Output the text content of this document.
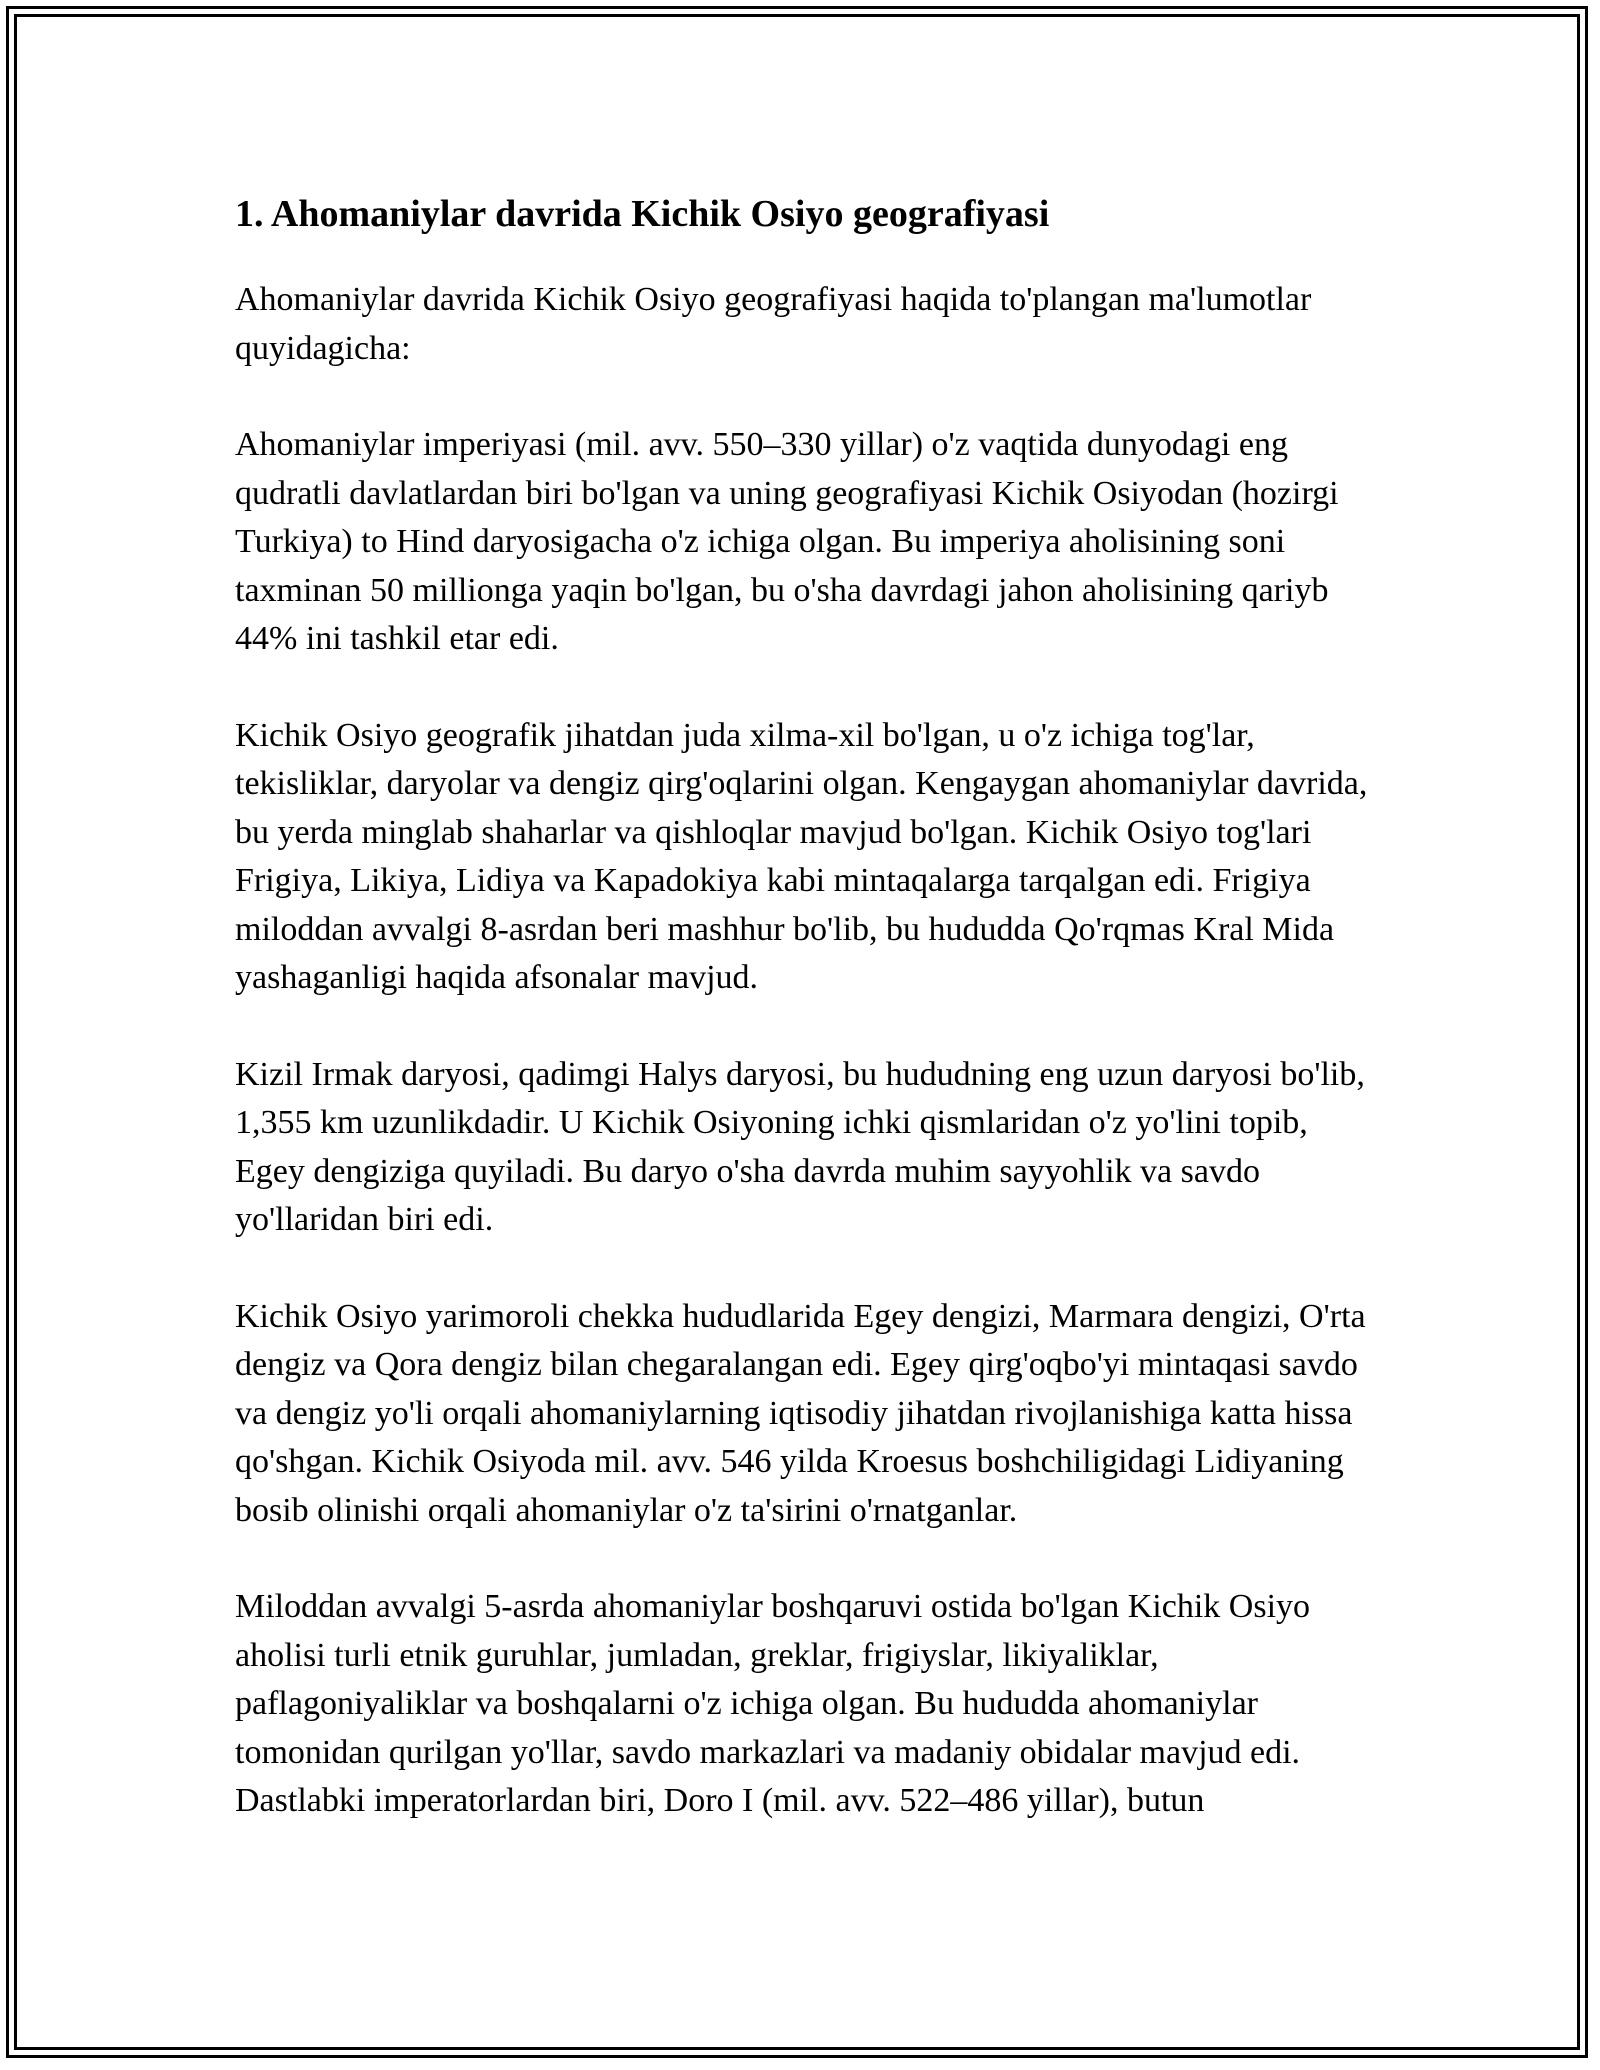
1. Ahomaniylar davrida Kichik Osiyo geografiyasi

Ahomaniylar davrida Kichik Osiyo geografiyasi haqida to'plangan ma'lumotlar quyidagicha:

Ahomaniylar imperiyasi (mil. avv. 550–330 yillar) o'z vaqtida dunyodagi eng qudratli davlatlardan biri bo'lgan va uning geografiyasi Kichik Osiyodan (hozirgi Turkiya) to Hind daryosigacha o'z ichiga olgan. Bu imperiya aholisining soni taxminan 50 millionga yaqin bo'lgan, bu o'sha davrdagi jahon aholisining qariyb 44% ini tashkil etar edi.

Kichik Osiyo geografik jihatdan juda xilma-xil bo'lgan, u o'z ichiga tog'lar, tekisliklar, daryolar va dengiz qirg'oqlarini olgan. Kengaygan ahomaniylar davrida, bu yerda minglab shaharlar va qishloqlar mavjud bo'lgan. Kichik Osiyo tog'lari Frigiya, Likiya, Lidiya va Kapadokiya kabi mintaqalarga tarqalgan edi. Frigiya miloddan avvalgi 8-asrdan beri mashhur bo'lib, bu hududda Qo'rqmas Kral Mida yashaganligi haqida afsonalar mavjud.

Kizil Irmak daryosi, qadimgi Halys daryosi, bu hududning eng uzun daryosi bo'lib, 1,355 km uzunlikdadir. U Kichik Osiyoning ichki qismlaridan o'z yo'lini topib, Egey dengiziga quyiladi. Bu daryo o'sha davrda muhim sayyohlik va savdo yo'llaridan biri edi.

Kichik Osiyo yarimoroli chekka hududlarida Egey dengizi, Marmara dengizi, O'rta dengiz va Qora dengiz bilan chegaralangan edi. Egey qirg'oqbo'yi mintaqasi savdo va dengiz yo'li orqali ahomaniylarning iqtisodiy jihatdan rivojlanishiga katta hissa qo'shgan. Kichik Osiyoda mil. avv. 546 yilda Kroesus boshchiligidagi Lidiyaning bosib olinishi orqali ahomaniylar o'z ta'sirini o'rnatganlar.

Miloddan avvalgi 5-asrda ahomaniylar boshqaruvi ostida bo'lgan Kichik Osiyo aholisi turli etnik guruhlar, jumladan, greklar, frigiyslar, likiyaliklar, paflagoniyaliklar va boshqalarni o'z ichiga olgan. Bu hududda ahomaniylar tomonidan qurilgan yo'llar, savdo markazlari va madaniy obidalar mavjud edi. Dastlabki imperatorlardan biri, Doro I (mil. avv. 522–486 yillar), butun
